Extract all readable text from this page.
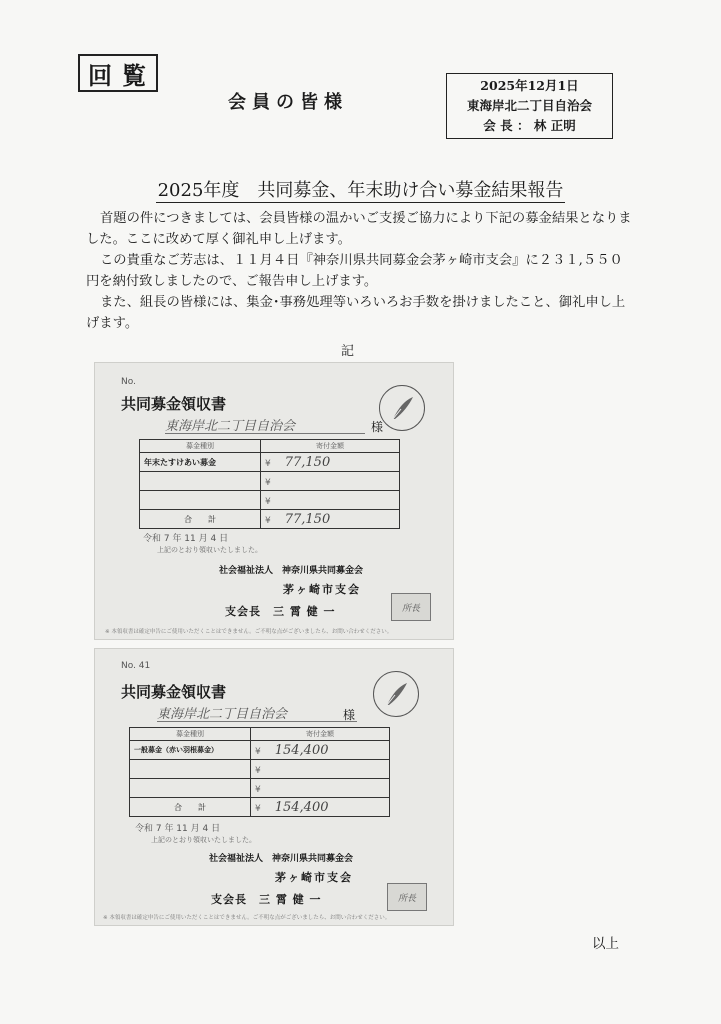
回覧
会員の皆様
2025年12月1日
東海岸北二丁目自治会
会 長 ： 林 正明
2025年度　共同募金、年末助け合い募金結果報告

首題の件につきましては、会員皆様の温かいご支援ご協力により下記の募金結果となりました。ここに改めて厚く御礼申し上げます。

この貴重なご芳志は、１１月４日『神奈川県共同募金会茅ヶ崎市支会』に２３１,５５０円を納付致しましたので、ご報告申し上げます。

また、組長の皆様には、集金･事務処理等いろいろお手数を掛けましたこと、御礼申し上げます。

記
No.
共同募金領収書
東海岸北二丁目自治会	様
募金種別	寄付金額
年末たすけあい募金	¥ 77,150
	¥
	¥
合　　計	¥ 77,150
令和 7 年 11 月 4 日
上記のとおり領収いたしました。
社会福祉法人　神奈川県共同募金会
茅ヶ崎市支会
支会長　三 霄 健 一	所長
※ 本領収書は確定申告にご使用いただくことはできません。ご不明な点がございましたら、お問い合わせください。
No. 41
共同募金領収書
東海岸北二丁目自治会	様
募金種別	寄付金額
一般募金（赤い羽根募金）	¥ 154,400
	¥
	¥
合　　計	¥ 154,400
令和 7 年 11 月 4 日
上記のとおり領収いたしました。
社会福祉法人　神奈川県共同募金会
茅ヶ崎市支会
支会長　三 霄 健 一	所長
※ 本領収書は確定申告にご使用いただくことはできません。ご不明な点がございましたら、お問い合わせください。
以上
